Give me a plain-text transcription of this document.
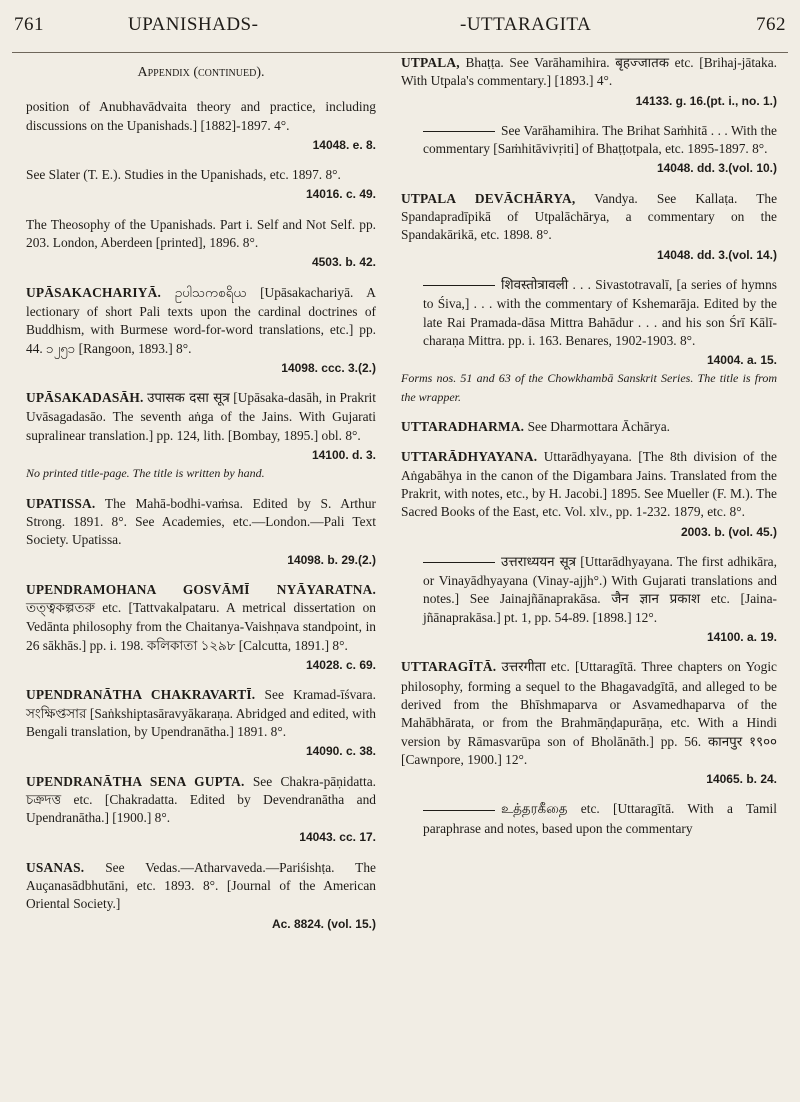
761	UPANISHADS-	-UTTARAGITA	762
Appendix (continued).

position of Anubhavādvaita theory and practice, including discussions on the Upanishads.] [1882]-1897. 4°.

14048. e. 8.

See Slater (T. E.). Studies in the Upanishads, etc. 1897. 8°.

14016. c. 49.

The Theosophy of the Upanishads. Part i. Self and Not Self. pp. 203. London, Aberdeen [printed], 1896. 8°.

4503. b. 42.

UPĀSAKACHARIYĀ. ဥပါသကစရိယ [Upāsakachariyā. A lectionary of short Pali texts upon the cardinal doctrines of Buddhism, with Burmese word-for-word translations, etc.] pp. 44. ၁၂၅၁ [Rangoon, 1893.] 8°.

14098. ccc. 3.(2.)

UPĀSAKADASĀH. उपासक दसा सूत्र [Upāsaka-dasāh, in Prakrit Uvāsagadasāo. The seventh aṅga of the Jains. With Gujarati supralinear translation.] pp. 124, lith. [Bombay, 1895.] obl. 8°.

14100. d. 3.

No printed title-page. The title is written by hand.

UPATISSA. The Mahā-bodhi-vaṁsa. Edited by S. Arthur Strong. 1891. 8°. See Academies, etc.—London.—Pali Text Society. Upatissa.

14098. b. 29.(2.)

UPENDRAMOHANA GOSVĀMĪ NYĀYARATNA. তত্ত্বকল্পতরু etc. [Tattvakalpataru. A metrical dissertation on Vedānta philosophy from the Chaitanya-Vaishṇava standpoint, in 26 sākhās.] pp. i. 198. কলিকাতা ১২৯৮ [Calcutta, 1891.] 8°.

14028. c. 69.

UPENDRANĀTHA CHAKRAVARTĪ. See Kramad-īśvara. সংক্ষিপ্তসার [Saṅkshiptasāravyākaraṇa. Abridged and edited, with Bengali translation, by Upendranātha.] 1891. 8°.

14090. c. 38.

UPENDRANĀTHA SENA GUPTA. See Chakra-pāṇidatta. চক্রদত্ত etc. [Chakradatta. Edited by Devendranātha and Upendranātha.] [1900.] 8°.

14043. cc. 17.

USANAS. See Vedas.—Atharvaveda.—Pariśishṭa. The Auçanasādbhutāni, etc. 1893. 8°. [Journal of the American Oriental Society.]

Ac. 8824. (vol. 15.)

UTPALA, Bhaṭṭa. See Varāhamihira. बृहज्जातक etc. [Brihaj-jātaka. With Utpala's commentary.] [1893.] 4°.

14133. g. 16.(pt. i., no. 1.)

See Varāhamihira. The Brihat Saṁhitā . . . With the commentary [Saṁhitāvivṛiti] of Bhaṭṭotpala, etc. 1895-1897. 8°.

14048. dd. 3.(vol. 10.)

UTPALA DEVĀCHĀRYA, Vandya. See Kallaṭa. The Spandapradīpikā of Utpalāchārya, a commentary on the Spandakārikā, etc. 1898. 8°.

14048. dd. 3.(vol. 14.)

शिवस्तोत्रावली . . . Sivastotravalī, [a series of hymns to Śiva,] . . . with the commentary of Kshemarāja. Edited by the late Rai Pramada-dāsa Mittra Bahādur . . . and his son Śrī Kālī-charaṇa Mittra. pp. i. 163. Benares, 1902-1903. 8°.

14004. a. 15.

Forms nos. 51 and 63 of the Chowkhambā Sanskrit Series. The title is from the wrapper.

UTTARADHARMA. See Dharmottara Āchārya.

UTTARĀDHYAYANA. Uttarādhyayana. [The 8th division of the Aṅgabāhya in the canon of the Digambara Jains. Translated from the Prakrit, with notes, etc., by H. Jacobi.] 1895. See Mueller (F. M.). The Sacred Books of the East, etc. Vol. xlv., pp. 1-232. 1879, etc. 8°.

2003. b. (vol. 45.)

उत्तराध्ययन सूत्र [Uttarādhyayana. The first adhikāra, or Vinayādhyayana (Vinay-ajjh°.) With Gujarati translations and notes.] See Jainajñānaprakāsa. जैन ज्ञान प्रकाश etc. [Jaina-jñānaprakāsa.] pt. 1, pp. 54-89. [1898.] 12°.

14100. a. 19.

UTTARAGĪTĀ. उत्तरगीता etc. [Uttaragītā. Three chapters on Yogic philosophy, forming a sequel to the Bhagavadgītā, and alleged to be derived from the Bhīshmaparva or Asvamedhaparva of the Mahābhārata, or from the Brahmāṇḍapurāṇa, etc. With a Hindi version by Rāmasvarūpa son of Bholānāth.] pp. 56. कानपुर १९०० [Cawnpore, 1900.] 12°.

14065. b. 24.

உத்தரகீதை etc. [Uttaragītā. With a Tamil paraphrase and notes, based upon the commentary
